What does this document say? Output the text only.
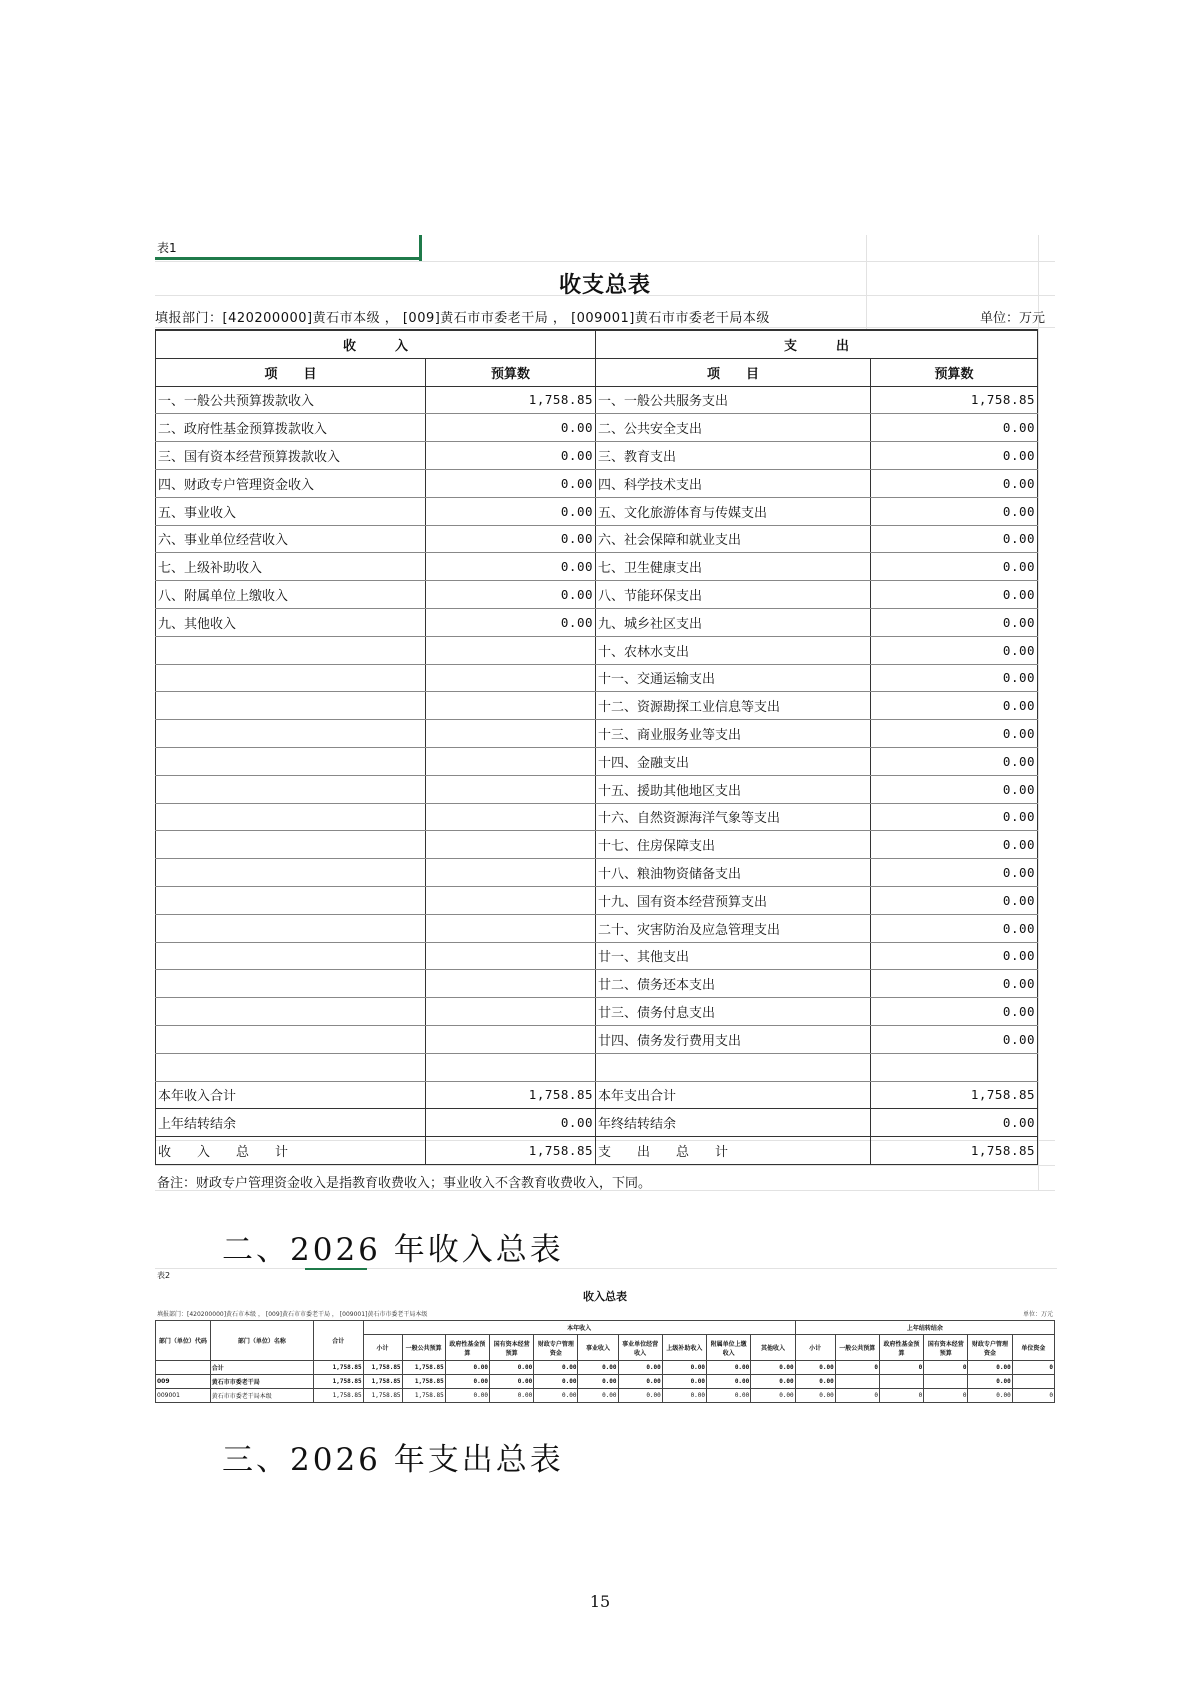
表1
收支总表
填报部门：[420200000]黄石市本级 ， [009]黄石市市委老干局 ， [009001]黄石市市委老干局本级	单位：万元
收　　　入		支　　　出	
项　　目	预算数	项　　目	预算数
一、一般公共预算拨款收入	1,758.85	一、一般公共服务支出	1,758.85
二、政府性基金预算拨款收入	0.00	二、公共安全支出	0.00
三、国有资本经营预算拨款收入	0.00	三、教育支出	0.00
四、财政专户管理资金收入	0.00	四、科学技术支出	0.00
五、事业收入	0.00	五、文化旅游体育与传媒支出	0.00
六、事业单位经营收入	0.00	六、社会保障和就业支出	0.00
七、上级补助收入	0.00	七、卫生健康支出	0.00
八、附属单位上缴收入	0.00	八、节能环保支出	0.00
九、其他收入	0.00	九、城乡社区支出	0.00
		十、农林水支出	0.00
		十一、交通运输支出	0.00
		十二、资源勘探工业信息等支出	0.00
		十三、商业服务业等支出	0.00
		十四、金融支出	0.00
		十五、援助其他地区支出	0.00
		十六、自然资源海洋气象等支出	0.00
		十七、住房保障支出	0.00
		十八、粮油物资储备支出	0.00
		十九、国有资本经营预算支出	0.00
		二十、灾害防治及应急管理支出	0.00
		廿一、其他支出	0.00
		廿二、债务还本支出	0.00
		廿三、债务付息支出	0.00
		廿四、债务发行费用支出	0.00

本年收入合计	1,758.85	本年支出合计	1,758.85
上年结转结余	0.00	年终结转结余	0.00
收　　入　　总　　计	1,758.85	支　　出　　总　　计	1,758.85
备注：财政专户管理资金收入是指教育收费收入；事业收入不含教育收费收入，下同。
二、2026 年收入总表
表2
收入总表
填报部门：[420200000]黄石市本级 ， [009]黄石市市委老干局 ， [009001]黄石市市委老干局本级	单位：万元
部门（单位）代码	部门（单位）名称	合计	本年收入										上年结转结余					
			小计	一般公共预算	政府性基金预算	国有资本经营预算	财政专户管理资金	事业收入	事业单位经营收入	上级补助收入	附属单位上缴收入	其他收入	小计	一般公共预算	政府性基金预算	国有资本经营预算	财政专户管理资金	单位资金
	合计	1,758.85	1,758.85	1,758.85	0.00	0.00	0.00	0.00	0.00	0.00	0.00	0.00	0.00	0	0	0	0.00	0
009	黄石市市委老干局	1,758.85	1,758.85	1,758.85	0.00	0.00	0.00	0.00	0.00	0.00	0.00	0.00	0.00				0.00	
009001	黄石市市委老干局本级	1,758.85	1,758.85	1,758.85	0.00	0.00	0.00	0.00	0.00	0.00	0.00	0.00	0.00	0	0	0	0.00	0
三、2026 年支出总表
15
